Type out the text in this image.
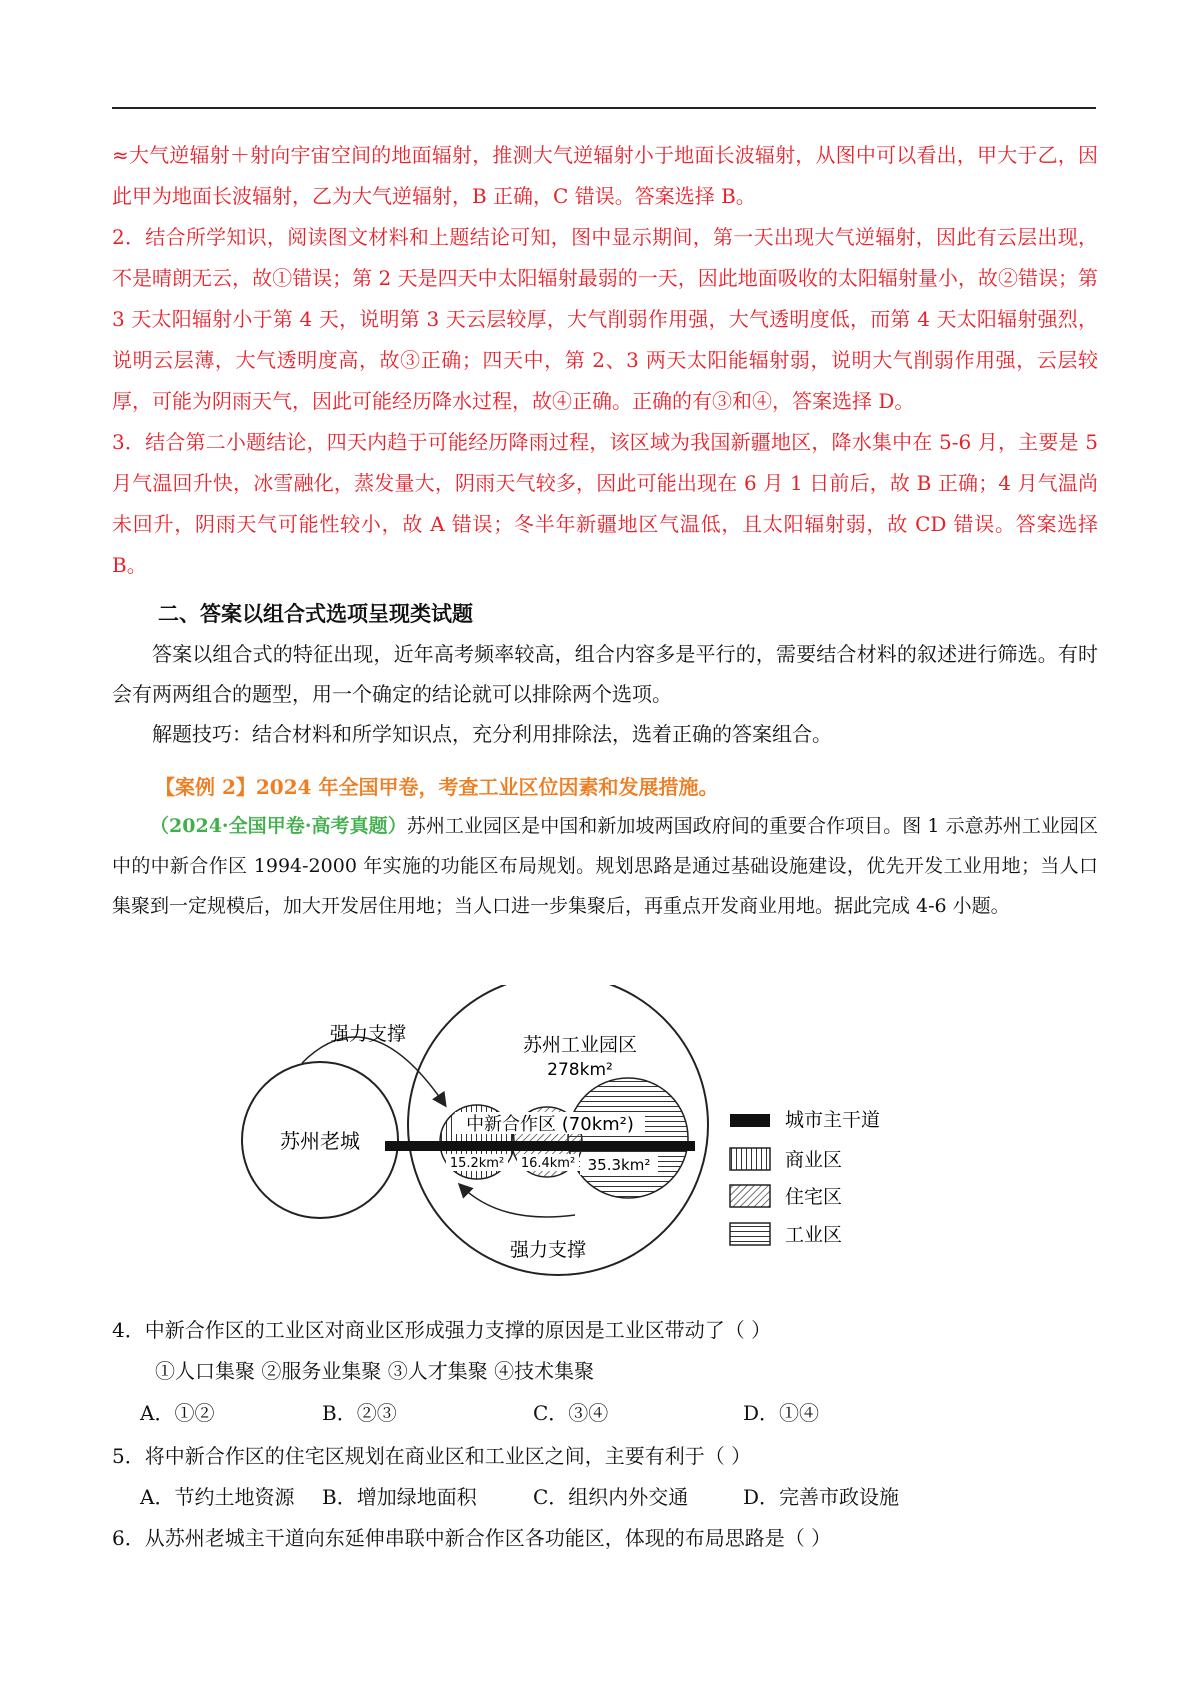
≈大气逆辐射＋射向宇宙空间的地面辐射，推测大气逆辐射小于地面长波辐射，从图中可以看出，甲大于乙，因此甲为地面长波辐射，乙为大气逆辐射，B 正确，C 错误。答案选择 B。

2．结合所学知识，阅读图文材料和上题结论可知，图中显示期间，第一天出现大气逆辐射，因此有云层出现，不是晴朗无云，故①错误；第 2 天是四天中太阳辐射最弱的一天，因此地面吸收的太阳辐射量小，故②错误；第 3 天太阳辐射小于第 4 天，说明第 3 天云层较厚，大气削弱作用强，大气透明度低，而第 4 天太阳辐射强烈，说明云层薄，大气透明度高，故③正确；四天中，第 2、3 两天太阳能辐射弱，说明大气削弱作用强，云层较厚，可能为阴雨天气，因此可能经历降水过程，故④正确。正确的有③和④，答案选择 D。

3．结合第二小题结论，四天内趋于可能经历降雨过程，该区域为我国新疆地区，降水集中在 5-6 月，主要是 5 月气温回升快，冰雪融化，蒸发量大，阴雨天气较多，因此可能出现在 6 月 1 日前后，故 B 正确；4 月气温尚未回升，阴雨天气可能性较小，故 A 错误；冬半年新疆地区气温低，且太阳辐射弱，故 CD 错误。答案选择 B。

二、答案以组合式选项呈现类试题

答案以组合式的特征出现，近年高考频率较高，组合内容多是平行的，需要结合材料的叙述进行筛选。有时会有两两组合的题型，用一个确定的结论就可以排除两个选项。

解题技巧：结合材料和所学知识点，充分利用排除法，选着正确的答案组合。

【案例 2】2024 年全国甲卷，考查工业区位因素和发展措施。

（2024·全国甲卷·高考真题）苏州工业园区是中国和新加坡两国政府间的重要合作项目。图 1 示意苏州工业园区中的中新合作区 1994-2000 年实施的功能区布局规划。规划思路是通过基础设施建设，优先开发工业用地；当人口集聚到一定规模后，加大开发居住用地；当人口进一步集聚后，再重点开发商业用地。据此完成 4-6 小题。

苏州老城
苏州工业园区
278km²
中新合作区 (70km²)
15.2km² 16.4km² 35.3km²
强力支撑
强力支撑
城市主干道
商业区
住宅区
工业区
4．中新合作区的工业区对商业区形成强力支撑的原因是工业区带动了（ ）
①人口集聚 ②服务业集聚 ③人才集聚 ④技术集聚
A．①②	B．②③	C．③④	D．①④
5．将中新合作区的住宅区规划在商业区和工业区之间，主要有利于（ ）
A．节约土地资源 B．增加绿地面积	C．组织内外交通	D．完善市政设施
6．从苏州老城主干道向东延伸串联中新合作区各功能区，体现的布局思路是（ ）
